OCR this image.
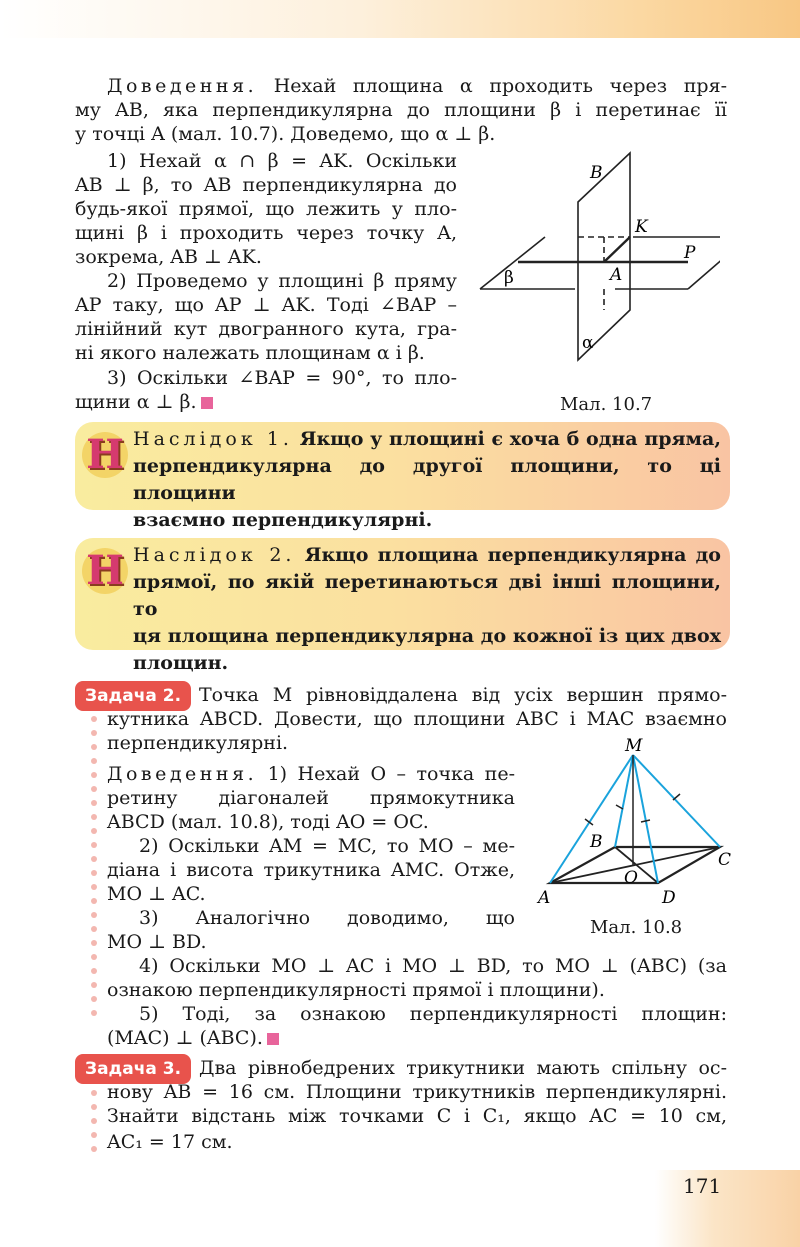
Доведення. Нехай площина α проходить через пря-

му AB, яка перпендикулярна до площини β і перетинає її

у точці A (мал. 10.7). Доведемо, що α ⊥ β.

1) Нехай α ∩ β = AK. Оскільки

AB ⊥ β, то AB перпендикулярна до

будь-якої прямої, що лежить у пло-

щині β і проходить через точку A,

зокрема, AB ⊥ AK.

2) Проведемо у площині β пряму

AP таку, що AP ⊥ AK. Тоді ∠BAP –

лінійний кут двогранного кута, гра-

ні якого належать площинам α і β.

3) Оскільки ∠BAP = 90°, то пло-

щини α ⊥ β.

B
K
P
A
β
α
Мал. 10.7
Н Наслідок 1. Якщо у площині є хоча б одна пряма,
перпендикулярна до другої площини, то ці площини
взаємно перпендикулярні.
Н Наслідок 2. Якщо площина перпендикулярна до
прямої, по якій перетинаються дві інші площини, то
ця площина перпендикулярна до кожної із цих двох
площин.
Задача 2. Точка M рівновіддалена від усіх вершин прямо-

кутника ABCD. Довести, що площини ABC і MAC взаємно

перпендикулярні.

Доведення. 1) Нехай O – точка пе-

ретину діагоналей прямокутника

ABCD (мал. 10.8), тоді AO = OC.

2) Оскільки AM = MC, то MO – ме-

діана і висота трикутника AMC. Отже,

MO ⊥ AC.

3) Аналогічно доводимо, що

MO ⊥ BD.

4) Оскільки MO ⊥ AC і MO ⊥ BD, то MO ⊥ (ABC) (за

ознакою перпендикулярності прямої і площини).

5) Тоді, за ознакою перпендикулярності площин:

(MAC) ⊥ (ABC).

M
B
C
A	D
O
Мал. 10.8
Задача 3. Два рівнобедрених трикутники мають спільну ос-

нову AB = 16 см. Площини трикутників перпендикулярні.

Знайти відстань між точками C і C₁, якщо AC = 10 см,

AC₁ = 17 см.

171
